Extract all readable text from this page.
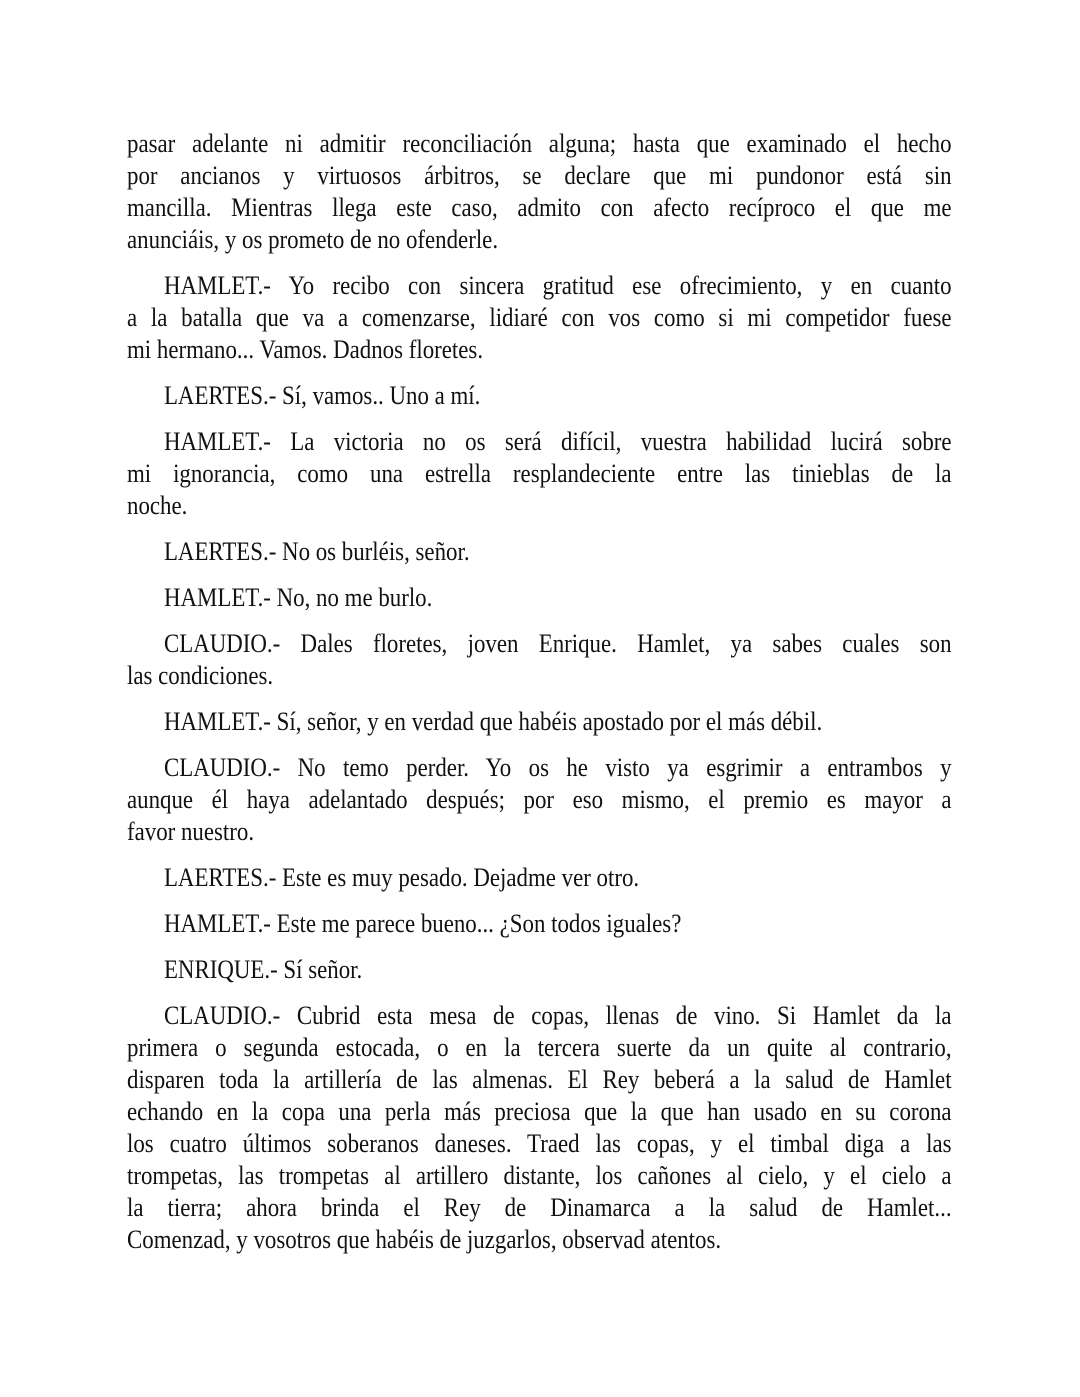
pasar adelante ni admitir reconciliación alguna; hasta que examinado el hecho
por ancianos y virtuosos árbitros, se declare que mi pundonor está sin
mancilla. Mientras llega este caso, admito con afecto recíproco el que me
anunciáis, y os prometo de no ofenderle.
HAMLET.- Yo recibo con sincera gratitud ese ofrecimiento, y en cuanto
a la batalla que va a comenzarse, lidiaré con vos como si mi competidor fuese
mi hermano... Vamos. Dadnos floretes.
LAERTES.- Sí, vamos.. Uno a mí.
HAMLET.- La victoria no os será difícil, vuestra habilidad lucirá sobre
mi ignorancia, como una estrella resplandeciente entre las tinieblas de la
noche.
LAERTES.- No os burléis, señor.
HAMLET.- No, no me burlo.
CLAUDIO.- Dales floretes, joven Enrique. Hamlet, ya sabes cuales son
las condiciones.
HAMLET.- Sí, señor, y en verdad que habéis apostado por el más débil.
CLAUDIO.- No temo perder. Yo os he visto ya esgrimir a entrambos y
aunque él haya adelantado después; por eso mismo, el premio es mayor a
favor nuestro.
LAERTES.- Este es muy pesado. Dejadme ver otro.
HAMLET.- Este me parece bueno... ¿Son todos iguales?
ENRIQUE.- Sí señor.
CLAUDIO.- Cubrid esta mesa de copas, llenas de vino. Si Hamlet da la
primera o segunda estocada, o en la tercera suerte da un quite al contrario,
disparen toda la artillería de las almenas. El Rey beberá a la salud de Hamlet
echando en la copa una perla más preciosa que la que han usado en su corona
los cuatro últimos soberanos daneses. Traed las copas, y el timbal diga a las
trompetas, las trompetas al artillero distante, los cañones al cielo, y el cielo a
la tierra; ahora brinda el Rey de Dinamarca a la salud de Hamlet...
Comenzad, y vosotros que habéis de juzgarlos, observad atentos.
